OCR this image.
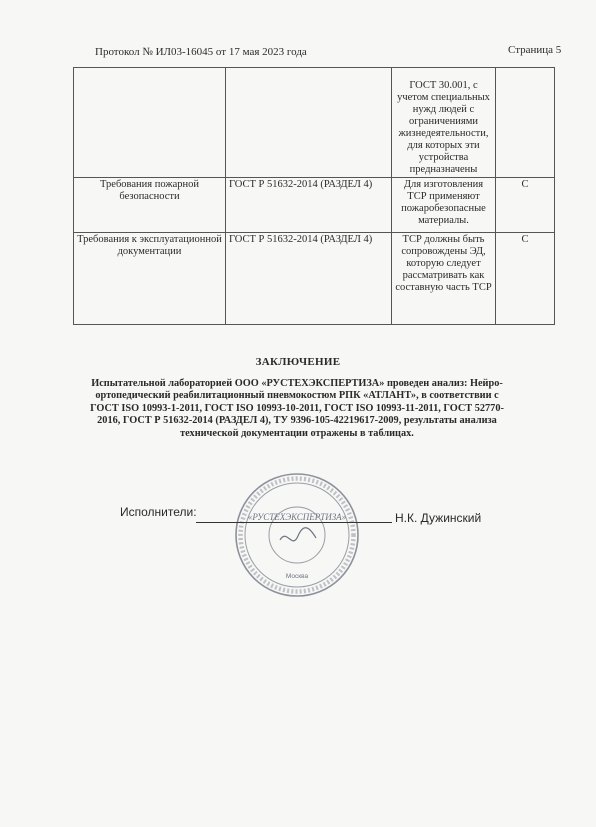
Протокол № ИЛ03-16045 от 17 мая 2023 года	Страница 5
		ГОСТ 30.001, с учетом специальных нужд людей с ограничениями жизнедеятельности, для которых эти устройства предназначены	
Требования пожарной безопасности	ГОСТ Р 51632-2014 (РАЗДЕЛ 4)	Для изготовления ТСР применяют пожаробезопасные материалы.	С
Требования к эксплуатационной документации	ГОСТ Р 51632-2014 (РАЗДЕЛ 4)	ТСР должны быть сопровождены ЭД, которую следует рассматривать как составную часть ТСР	С
ЗАКЛЮЧЕНИЕ
Испытательной лабораторией ООО «РУСТЕХЭКСПЕРТИЗА» проведен анализ: Нейро-ортопедический реабилитационный пневмокостюм РПК «АТЛАНТ», в соответствии с ГОСТ ISO 10993-1-2011, ГОСТ ISO 10993-10-2011, ГОСТ ISO 10993-11-2011, ГОСТ 52770-2016, ГОСТ Р 51632-2014 (РАЗДЕЛ 4), ТУ 9396-105-42219617-2009, результаты анализа технической документации отражены в таблицах.
«РУСТЕХЭКСПЕРТИЗА»
Москва
Исполнители:	Н.К. Дужинский
